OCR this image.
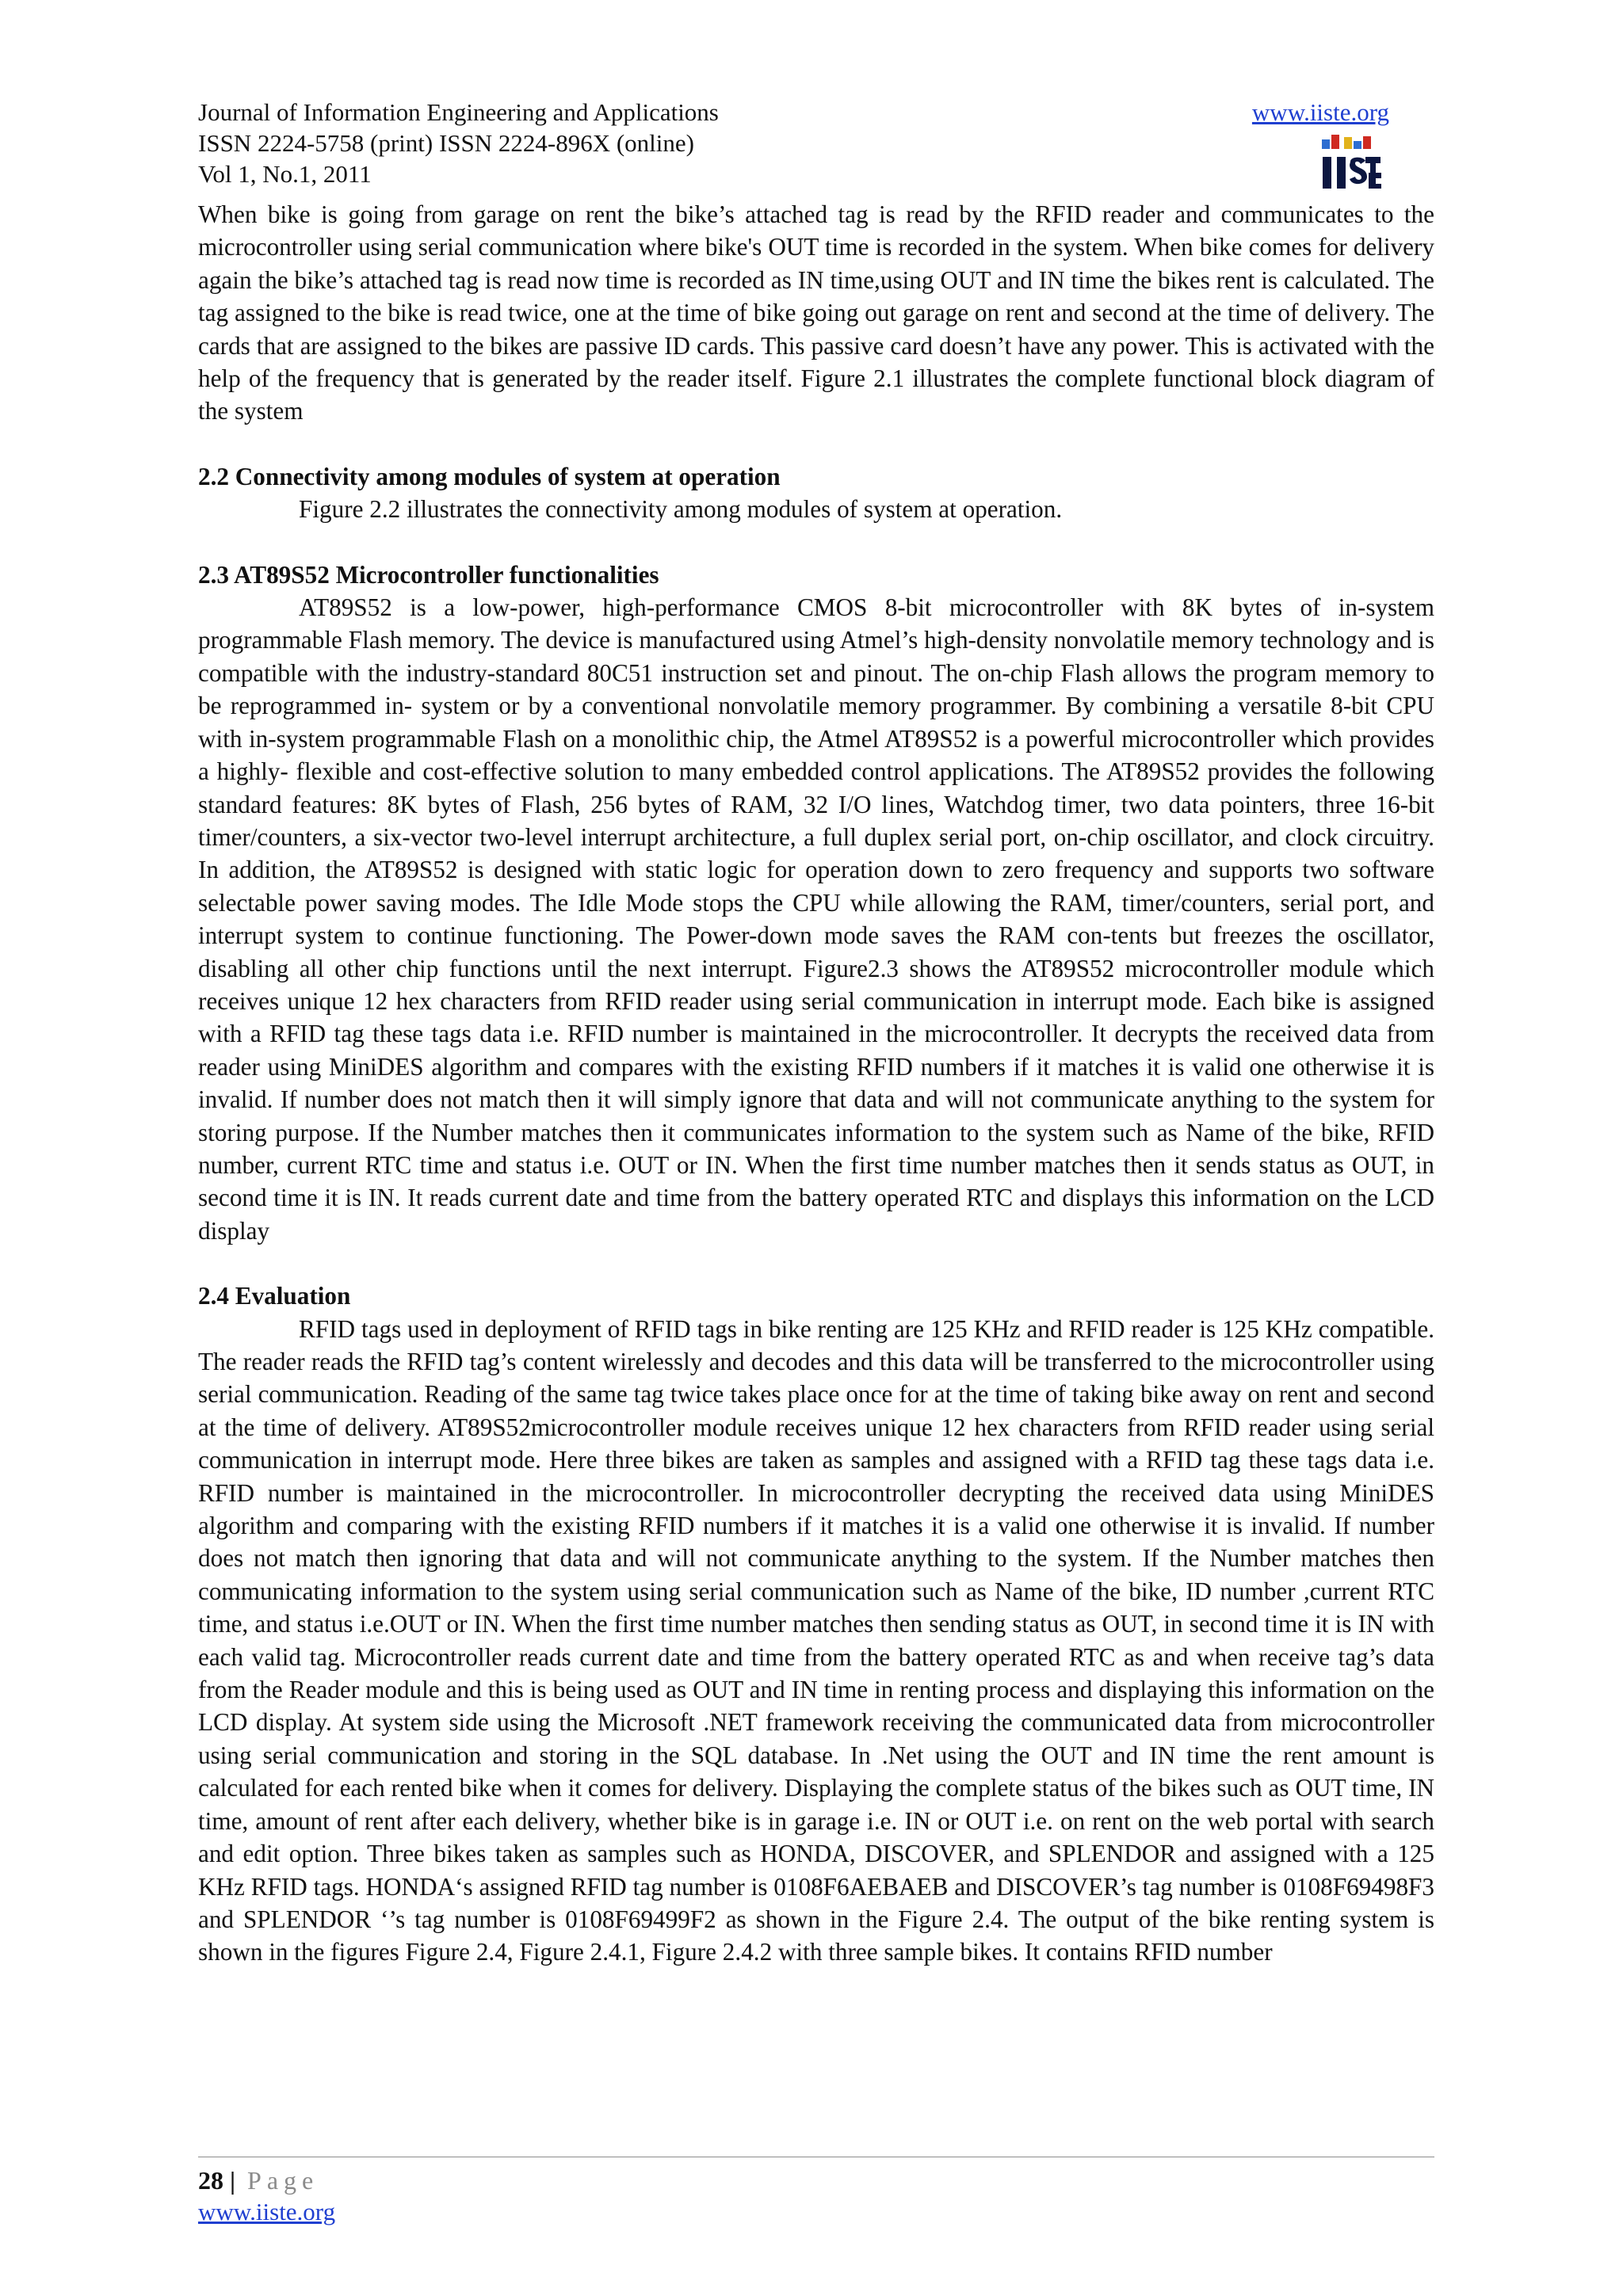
Journal of Information Engineering and Applications
ISSN 2224-5758 (print) ISSN 2224-896X (online)
Vol 1, No.1, 2011
www.iiste.org

When bike is going from garage on rent the bike’s attached tag is read by the RFID reader and communicates to the microcontroller using serial communication where bike's OUT time is recorded in the system. When bike comes for delivery again the bike’s attached tag is read now time is recorded as IN time,using OUT and IN time the bikes rent is calculated. The tag assigned to the bike is read twice, one at the time of bike going out garage on rent and second at the time of delivery. The cards that are assigned to the bikes are passive ID cards. This passive card doesn’t have any power. This is activated with the help of the frequency that is generated by the reader itself. Figure 2.1 illustrates the complete functional block diagram of the system

2.2 Connectivity among modules of system at operation

Figure 2.2 illustrates the connectivity among modules of system at operation.

2.3 AT89S52 Microcontroller functionalities

AT89S52 is a low-power, high-performance CMOS 8-bit microcontroller with 8K bytes of in-system programmable Flash memory. The device is manufactured using Atmel’s high-density nonvolatile memory technology and is compatible with the industry-standard 80C51 instruction set and pinout. The on-chip Flash allows the program memory to be reprogrammed in- system or by a conventional nonvolatile memory programmer. By combining a versatile 8-bit CPU with in-system programmable Flash on a monolithic chip, the Atmel AT89S52 is a powerful microcontroller which provides a highly- flexible and cost-effective solution to many embedded control applications. The AT89S52 provides the following standard features: 8K bytes of Flash, 256 bytes of RAM, 32 I/O lines, Watchdog timer, two data pointers, three 16-bit timer/counters, a six-vector two-level interrupt architecture, a full duplex serial port, on-chip oscillator, and clock circuitry. In addition, the AT89S52 is designed with static logic for operation down to zero frequency and supports two software selectable power saving modes. The Idle Mode stops the CPU while allowing the RAM, timer/counters, serial port, and interrupt system to continue functioning. The Power-down mode saves the RAM con-tents but freezes the oscillator, disabling all other chip functions until the next interrupt. Figure2.3 shows the AT89S52 microcontroller module which receives unique 12 hex characters from RFID reader using serial communication in interrupt mode. Each bike is assigned with a RFID tag these tags data i.e. RFID number is maintained in the microcontroller. It decrypts the received data from reader using MiniDES algorithm and compares with the existing RFID numbers if it matches it is valid one otherwise it is invalid. If number does not match then it will simply ignore that data and will not communicate anything to the system for storing purpose. If the Number matches then it communicates information to the system such as Name of the bike, RFID number, current RTC time and status i.e. OUT or IN. When the first time number matches then it sends status as OUT, in second time it is IN. It reads current date and time from the battery operated RTC and displays this information on the LCD display

2.4 Evaluation

RFID tags used in deployment of RFID tags in bike renting are 125 KHz and RFID reader is 125 KHz compatible. The reader reads the RFID tag’s content wirelessly and decodes and this data will be transferred to the microcontroller using serial communication. Reading of the same tag twice takes place once for at the time of taking bike away on rent and second at the time of delivery. AT89S52microcontroller module receives unique 12 hex characters from RFID reader using serial communication in interrupt mode. Here three bikes are taken as samples and assigned with a RFID tag these tags data i.e. RFID number is maintained in the microcontroller. In microcontroller decrypting the received data using MiniDES algorithm and comparing with the existing RFID numbers if it matches it is a valid one otherwise it is invalid. If number does not match then ignoring that data and will not communicate anything to the system. If the Number matches then communicating information to the system using serial communication such as Name of the bike, ID number ,current RTC time, and status i.e.OUT or IN. When the first time number matches then sending status as OUT, in second time it is IN with each valid tag. Microcontroller reads current date and time from the battery operated RTC as and when receive tag’s data from the Reader module and this is being used as OUT and IN time in renting process and displaying this information on the LCD display. At system side using the Microsoft .NET framework receiving the communicated data from microcontroller using serial communication and storing in the SQL database. In .Net using the OUT and IN time the rent amount is calculated for each rented bike when it comes for delivery. Displaying the complete status of the bikes such as OUT time, IN time, amount of rent after each delivery, whether bike is in garage i.e. IN or OUT i.e. on rent on the web portal with search and edit option. Three bikes taken as samples such as HONDA, DISCOVER, and SPLENDOR and assigned with a 125 KHz RFID tags. HONDA‘s assigned RFID tag number is 0108F6AEBAEB and DISCOVER’s tag number is 0108F69498F3 and SPLENDOR ‘’s tag number is 0108F69499F2 as shown in the Figure 2.4. The output of the bike renting system is shown in the figures Figure 2.4, Figure 2.4.1, Figure 2.4.2 with three sample bikes. It contains RFID number

28 | Page
www.iiste.org
